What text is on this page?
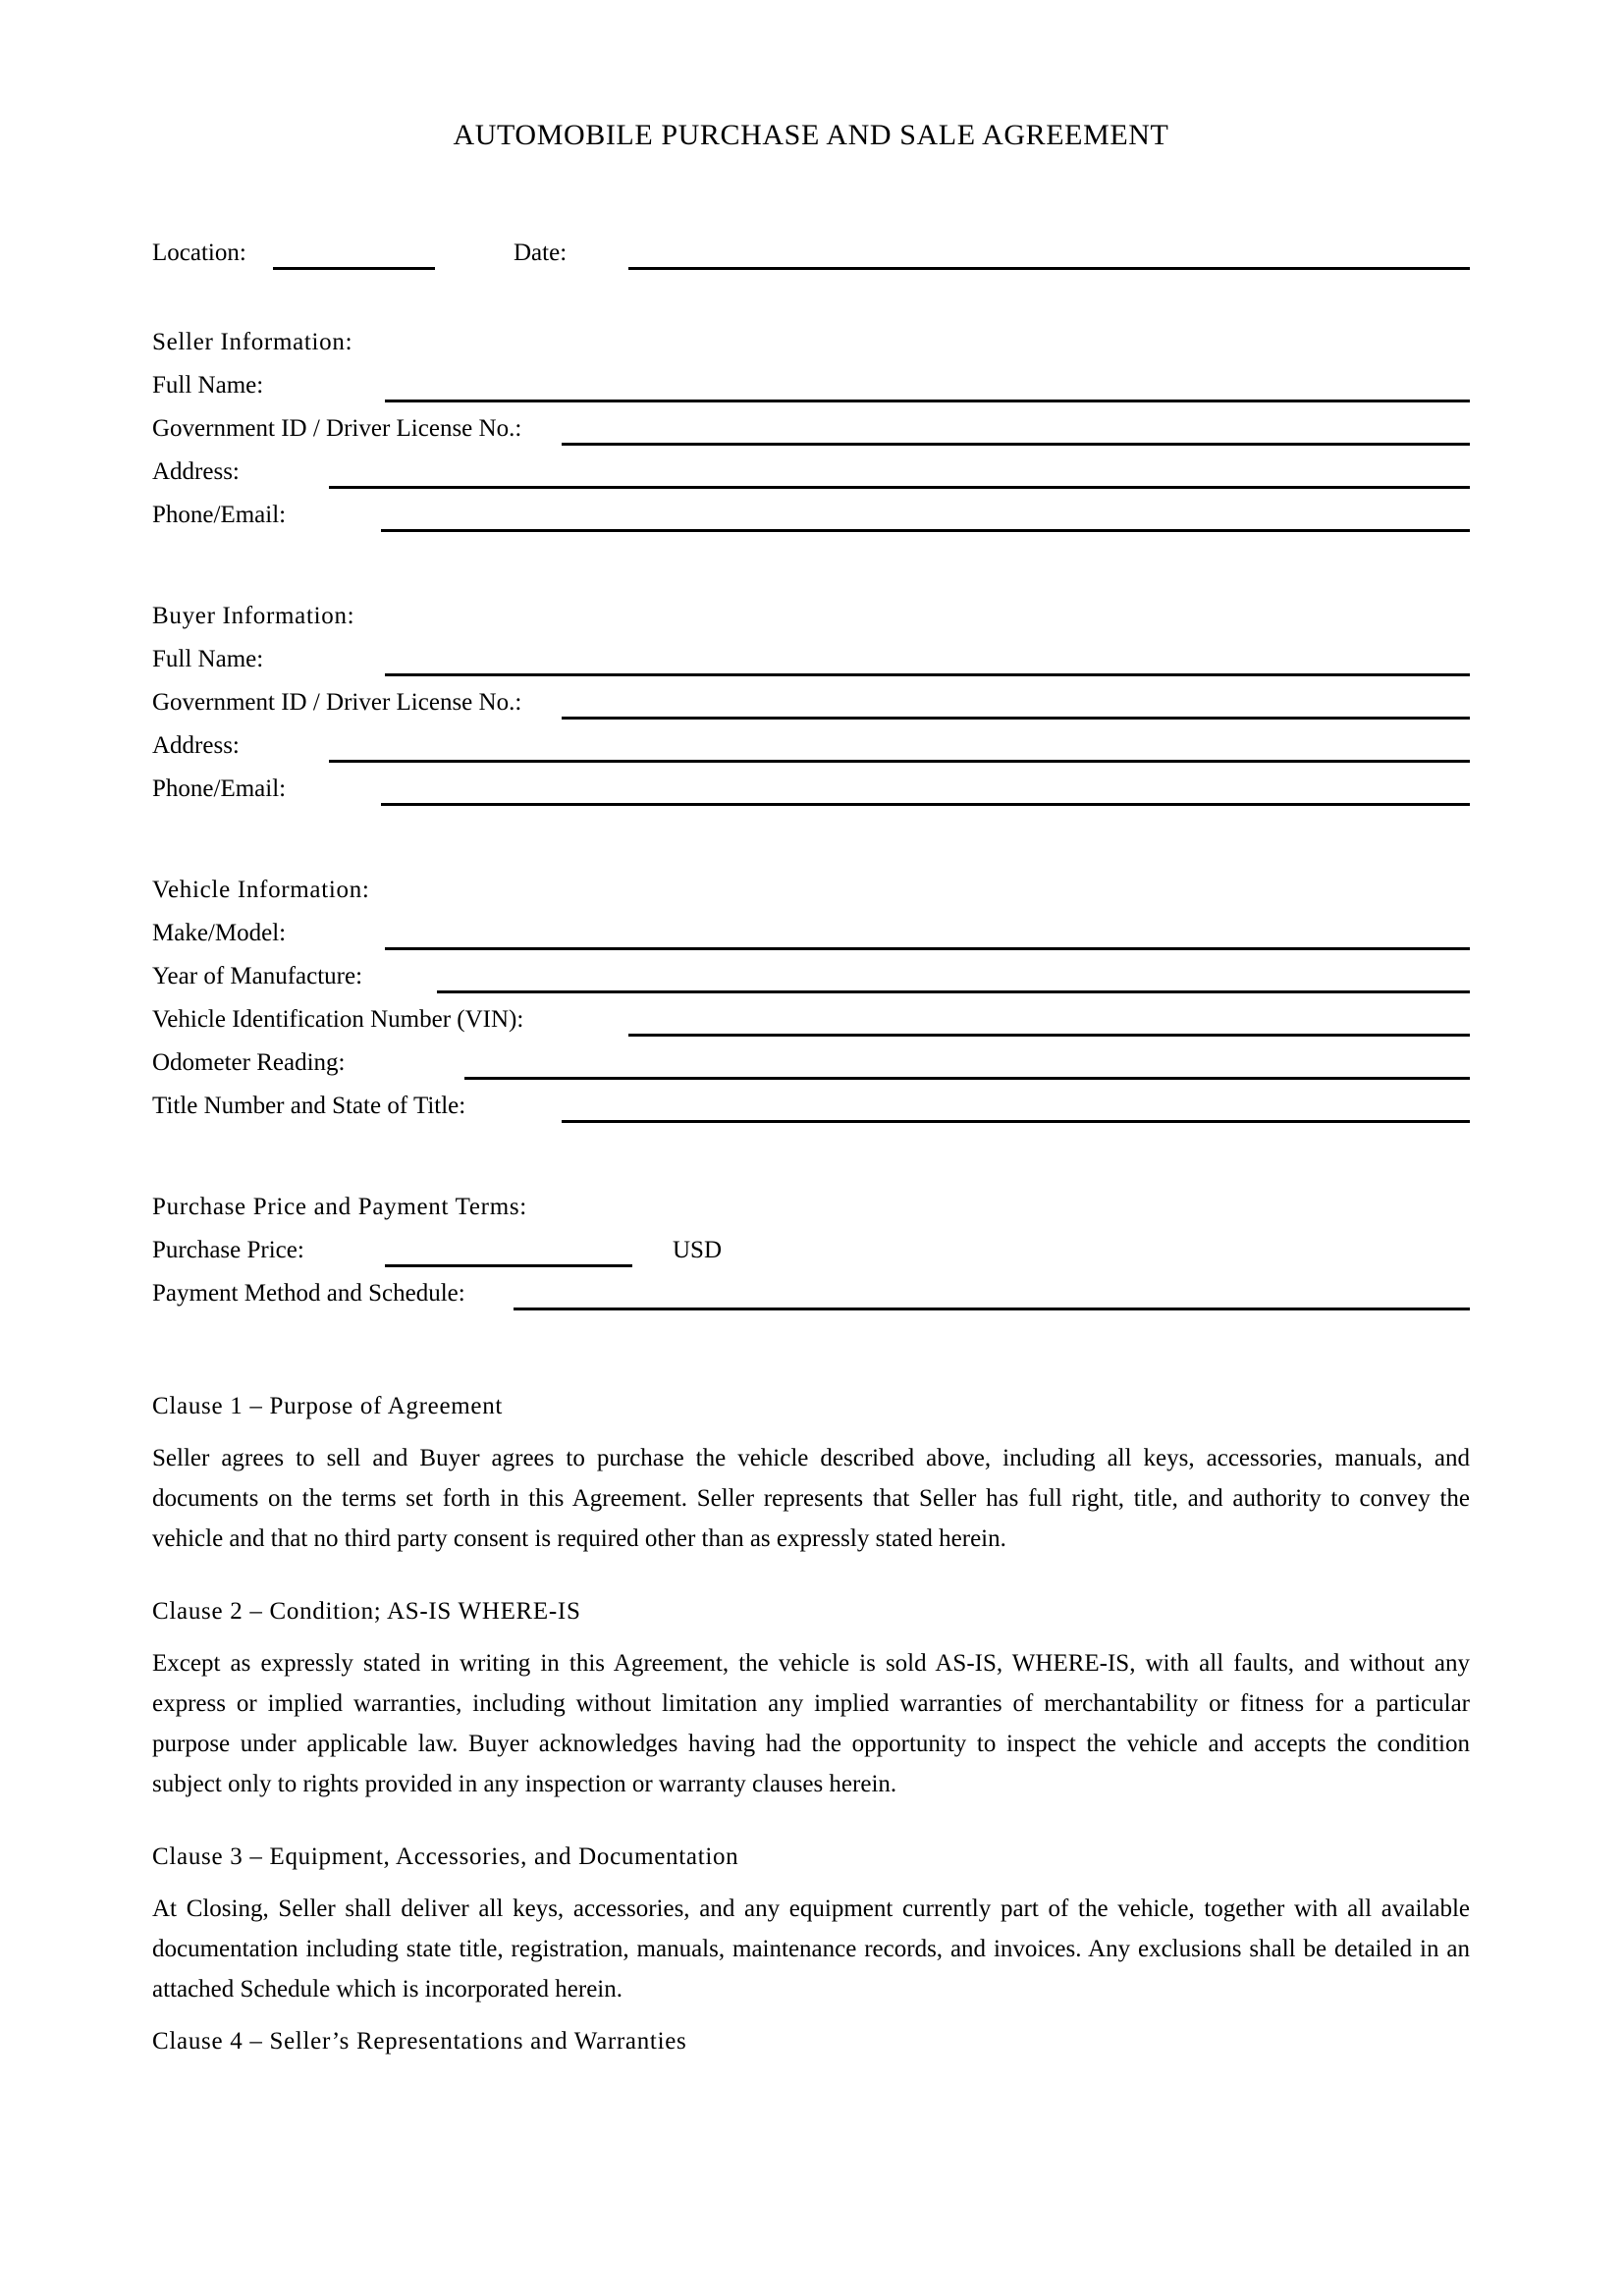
AUTOMOBILE PURCHASE AND SALE AGREEMENT
Location:	Date:
Seller Information:
Full Name:
Government ID / Driver License No.:
Address:
Phone/Email:
Buyer Information:
Full Name:
Government ID / Driver License No.:
Address:
Phone/Email:
Vehicle Information:
Make/Model:
Year of Manufacture:
Vehicle Identification Number (VIN):
Odometer Reading:
Title Number and State of Title:
Purchase Price and Payment Terms:
Purchase Price:	USD
Payment Method and Schedule:
Clause 1 – Purpose of Agreement
Seller agrees to sell and Buyer agrees to purchase the vehicle described above, including all keys, accessories, manuals, and documents on the terms set forth in this Agreement. Seller represents that Seller has full right, title, and authority to convey the vehicle and that no third party consent is required other than as expressly stated herein.
Clause 2 – Condition; AS-IS WHERE-IS
Except as expressly stated in writing in this Agreement, the vehicle is sold AS-IS, WHERE-IS, with all faults, and without any express or implied warranties, including without limitation any implied warranties of merchantability or fitness for a particular purpose under applicable law. Buyer acknowledges having had the opportunity to inspect the vehicle and accepts the condition subject only to rights provided in any inspection or warranty clauses herein.
Clause 3 – Equipment, Accessories, and Documentation
At Closing, Seller shall deliver all keys, accessories, and any equipment currently part of the vehicle, together with all available documentation including state title, registration, manuals, maintenance records, and invoices. Any exclusions shall be detailed in an attached Schedule which is incorporated herein.
Clause 4 – Seller’s Representations and Warranties
